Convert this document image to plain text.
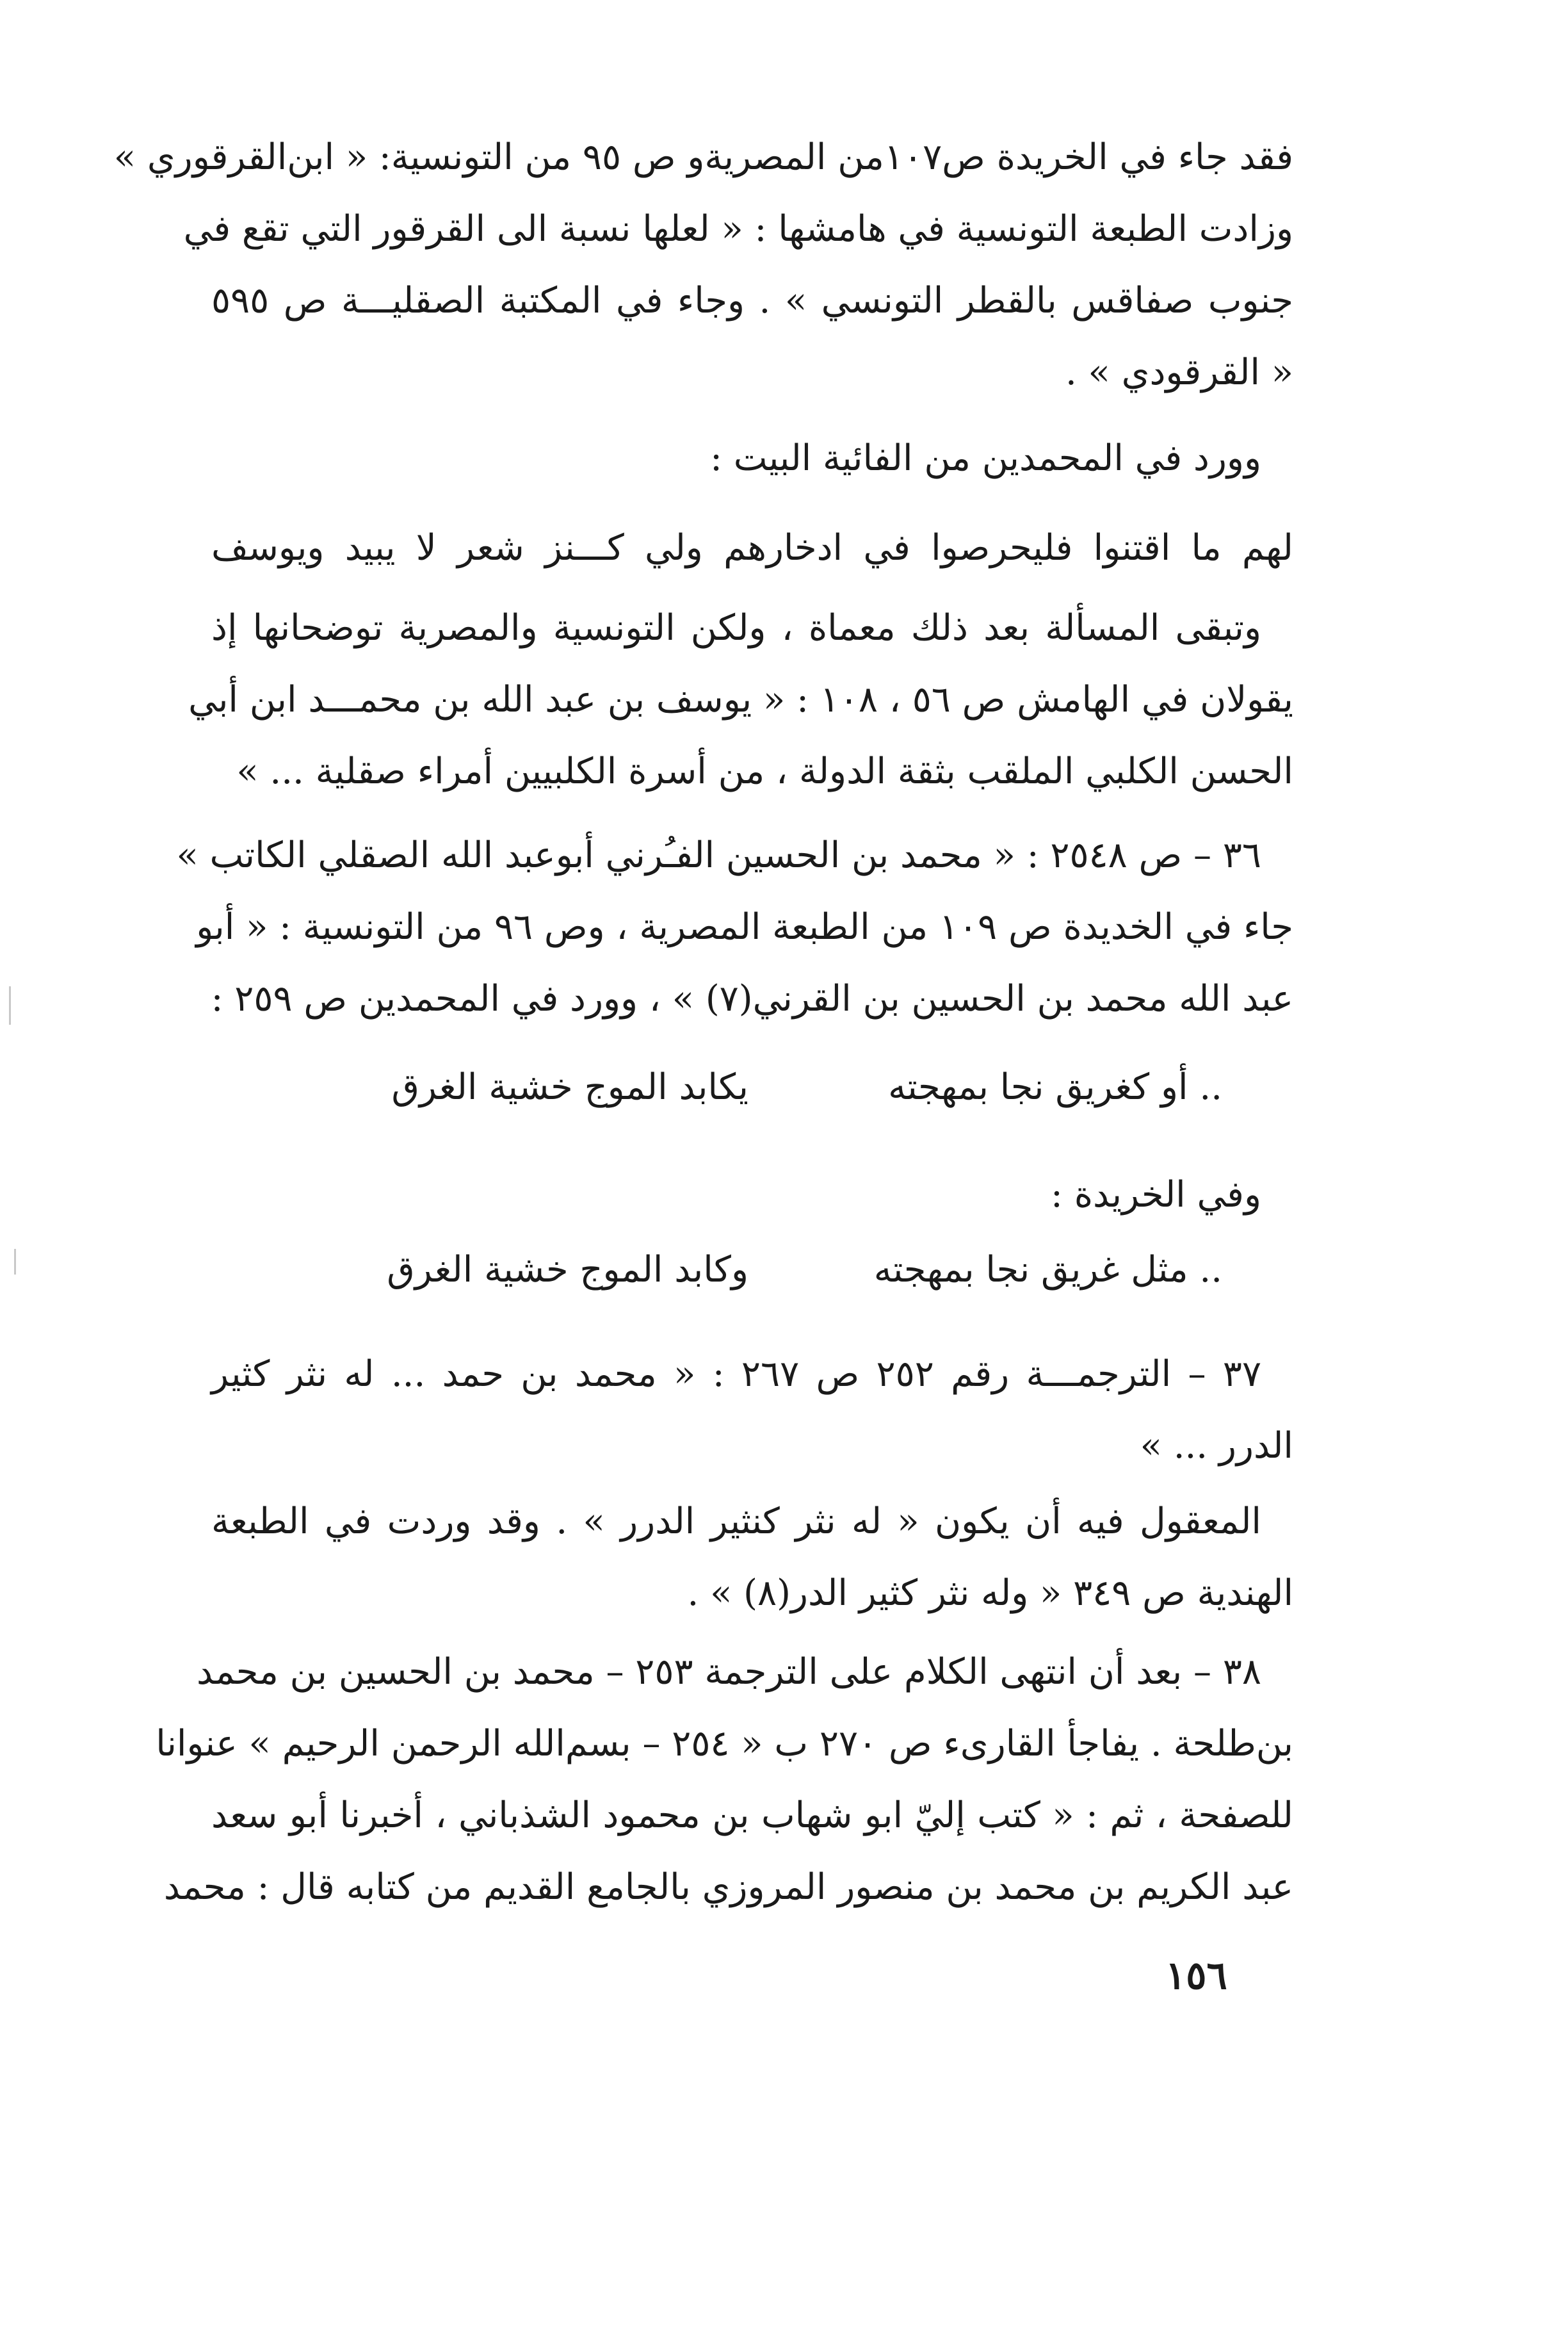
فقد جاء في الخريدة ص١٠٧من المصريةو ص ٩٥ من التونسية: « ابن‌القرقوري »
وزادت الطبعة التونسية في هامشها : « لعلها نسبة الى القرقور التي تقع في
جنوب صفاقس بالقطر التونسي » . وجاء في المكتبة الصقليـــة ص ٥٩٥
« القرقودي » .
وورد في المحمدين من الفائية البيت :
لهم ما اقتنوا فليحرصوا في ادخارهم ولي كـــنز شعر لا يبيد ويوسف
وتبقى المسألة بعد ذلك معماة ، ولكن التونسية والمصرية توضحانها إذ
يقولان في الهامش ص ٥٦ ، ١٠٨ : « يوسف بن عبد الله بن محمـــد ابن أبي
الحسن الكلبي الملقب بثقة الدولة ، من أسرة الكلبيين أمراء صقلية ... »
٣٦ – ص ٢٥٤٨ : « محمد بن الحسين الفـُرني أبوعبد الله الصقلي الكاتب »
جاء في الخديدة ص ١٠٩ من الطبعة المصرية ، وص ٩٦ من التونسية : « أبو
عبد الله محمد بن الحسين بن القرني(٧) » ، وورد في المحمدين ص ٢٥٩ :
.. أو كغريق نجا بمهجته
يكابد الموج خشية الغرق
وفي الخريدة :
.. مثل غريق نجا بمهجته
وكابد الموج خشية الغرق
٣٧ – الترجمـــة رقم ٢٥٢ ص ٢٦٧ : « محمد بن حمد ... له نثر كثير
الدرر ... »
المعقول فيه أن يكون « له نثر كنثير الدرر » . وقد وردت في الطبعة
الهندية ص ٣٤٩ « وله نثر كثير الدر(٨) » .
٣٨ – بعد أن انتهى الكلام على الترجمة ٢٥٣ – محمد بن الحسين بن محمد
بن‌طلحة . يفاجأ القارىء ص ٢٧٠ ب « ٢٥٤ – بسم‌الله الرحمن الرحيم » عنوانا
للصفحة ، ثم : « كتب إليّ ابو شهاب بن محمود الشذباني ، أخبرنا أبو سعد
عبد الكريم بن محمد بن منصور المروزي بالجامع القديم من كتابه قال : محمد
١٥٦
